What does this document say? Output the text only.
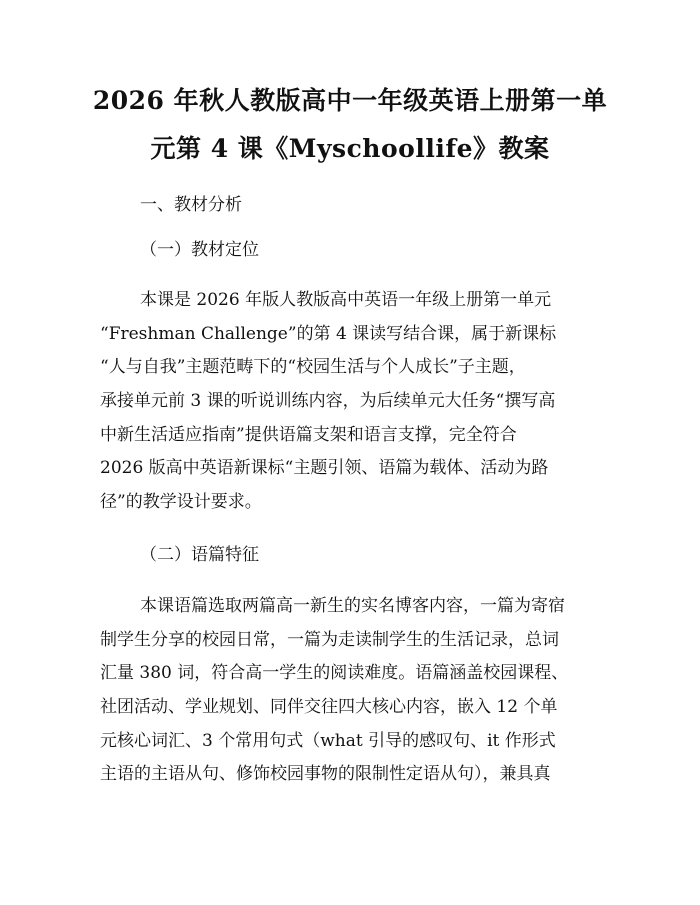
2026 年秋人教版高中一年级英语上册第一单
元第 4 课《Myschoollife》教案
一、教材分析
（一）教材定位
本课是 2026 年版人教版高中英语一年级上册第一单元
“Freshman Challenge”的第 4 课读写结合课，属于新课标
“人与自我”主题范畴下的“校园生活与个人成长”子主题，
承接单元前 3 课的听说训练内容，为后续单元大任务“撰写高
中新生活适应指南”提供语篇支架和语言支撑，完全符合
2026 版高中英语新课标“主题引领、语篇为载体、活动为路
径”的教学设计要求。
（二）语篇特征
本课语篇选取两篇高一新生的实名博客内容，一篇为寄宿
制学生分享的校园日常，一篇为走读制学生的生活记录，总词
汇量 380 词，符合高一学生的阅读难度。语篇涵盖校园课程、
社团活动、学业规划、同伴交往四大核心内容，嵌入 12 个单
元核心词汇、3 个常用句式（what 引导的感叹句、it 作形式
主语的主语从句、修饰校园事物的限制性定语从句），兼具真
